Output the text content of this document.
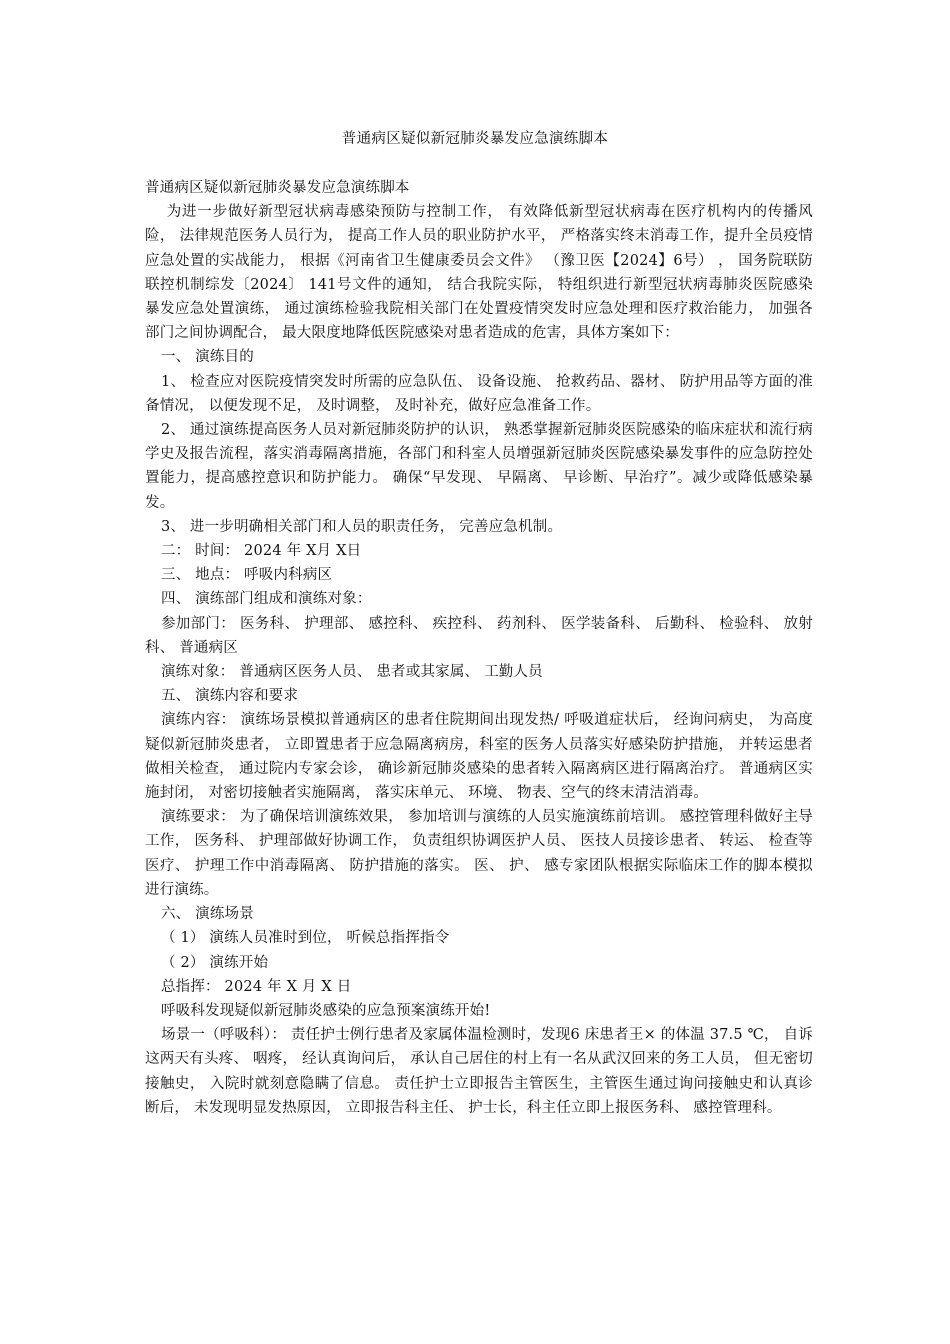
普通病区疑似新冠肺炎暴发应急演练脚本

普通病区疑似新冠肺炎暴发应急演练脚本

为进一步做好新型冠状病毒感染预防与控制工作， 有效降低新型冠状病毒在医疗机构内的传播风险， 法律规范医务人员行为， 提高工作人员的职业防护水平， 严格落实终末消毒工作，提升全员疫情应急处置的实战能力， 根据《河南省卫生健康委员会文件》 （豫卫医【2024】6号） ， 国务院联防联控机制综发〔2024〕 141号文件的通知， 结合我院实际， 特组织进行新型冠状病毒肺炎医院感染暴发应急处置演练， 通过演练检验我院相关部门在处置疫情突发时应急处理和医疗救治能力， 加强各部门之间协调配合， 最大限度地降低医院感染对患者造成的危害，具体方案如下：

一、 演练目的

1、 检查应对医院疫情突发时所需的应急队伍、 设备设施、 抢救药品、器材、 防护用品等方面的准备情况， 以便发现不足， 及时调整， 及时补充，做好应急准备工作。

2、 通过演练提高医务人员对新冠肺炎防护的认识， 熟悉掌握新冠肺炎医院感染的临床症状和流行病学史及报告流程，落实消毒隔离措施，各部门和科室人员增强新冠肺炎医院感染暴发事件的应急防控处置能力，提高感控意识和防护能力。 确保“早发现、 早隔离、 早诊断、早治疗”。减少或降低感染暴发。

3、 进一步明确相关部门和人员的职责任务， 完善应急机制。

二： 时间： 2024 年 X月 X日

三、 地点： 呼吸内科病区

四、 演练部门组成和演练对象：

参加部门： 医务科、 护理部、 感控科、 疾控科、 药剂科、 医学装备科、 后勤科、 检验科、 放射科、 普通病区

演练对象： 普通病区医务人员、 患者或其家属、 工勤人员

五、 演练内容和要求

演练内容： 演练场景模拟普通病区的患者住院期间出现发热/ 呼吸道症状后， 经询问病史， 为高度疑似新冠肺炎患者， 立即置患者于应急隔离病房，科室的医务人员落实好感染防护措施， 并转运患者做相关检查， 通过院内专家会诊， 确诊新冠肺炎感染的患者转入隔离病区进行隔离治疗。 普通病区实施封闭， 对密切接触者实施隔离， 落实床单元、 环境、 物表、空气的终末清洁消毒。

演练要求： 为了确保培训演练效果， 参加培训与演练的人员实施演练前培训。 感控管理科做好主导工作， 医务科、 护理部做好协调工作， 负责组织协调医护人员、 医技人员接诊患者、 转运、 检查等医疗、 护理工作中消毒隔离、 防护措施的落实。 医、 护、 感专家团队根据实际临床工作的脚本模拟进行演练。

六、 演练场景

（ 1） 演练人员准时到位， 听候总指挥指令

（ 2） 演练开始

总指挥： 2024 年 X 月 X 日

呼吸科发现疑似新冠肺炎感染的应急预案演练开始!

场景一（呼吸科）： 责任护士例行患者及家属体温检测时，发现6 床患者王× 的体温 37.5 ℃， 自诉这两天有头疼、 咽疼， 经认真询问后， 承认自己居住的村上有一名从武汉回来的务工人员， 但无密切接触史， 入院时就刻意隐瞒了信息。 责任护士立即报告主管医生，主管医生通过询问接触史和认真诊断后， 未发现明显发热原因， 立即报告科主任、 护士长，科主任立即上报医务科、 感控管理科。
